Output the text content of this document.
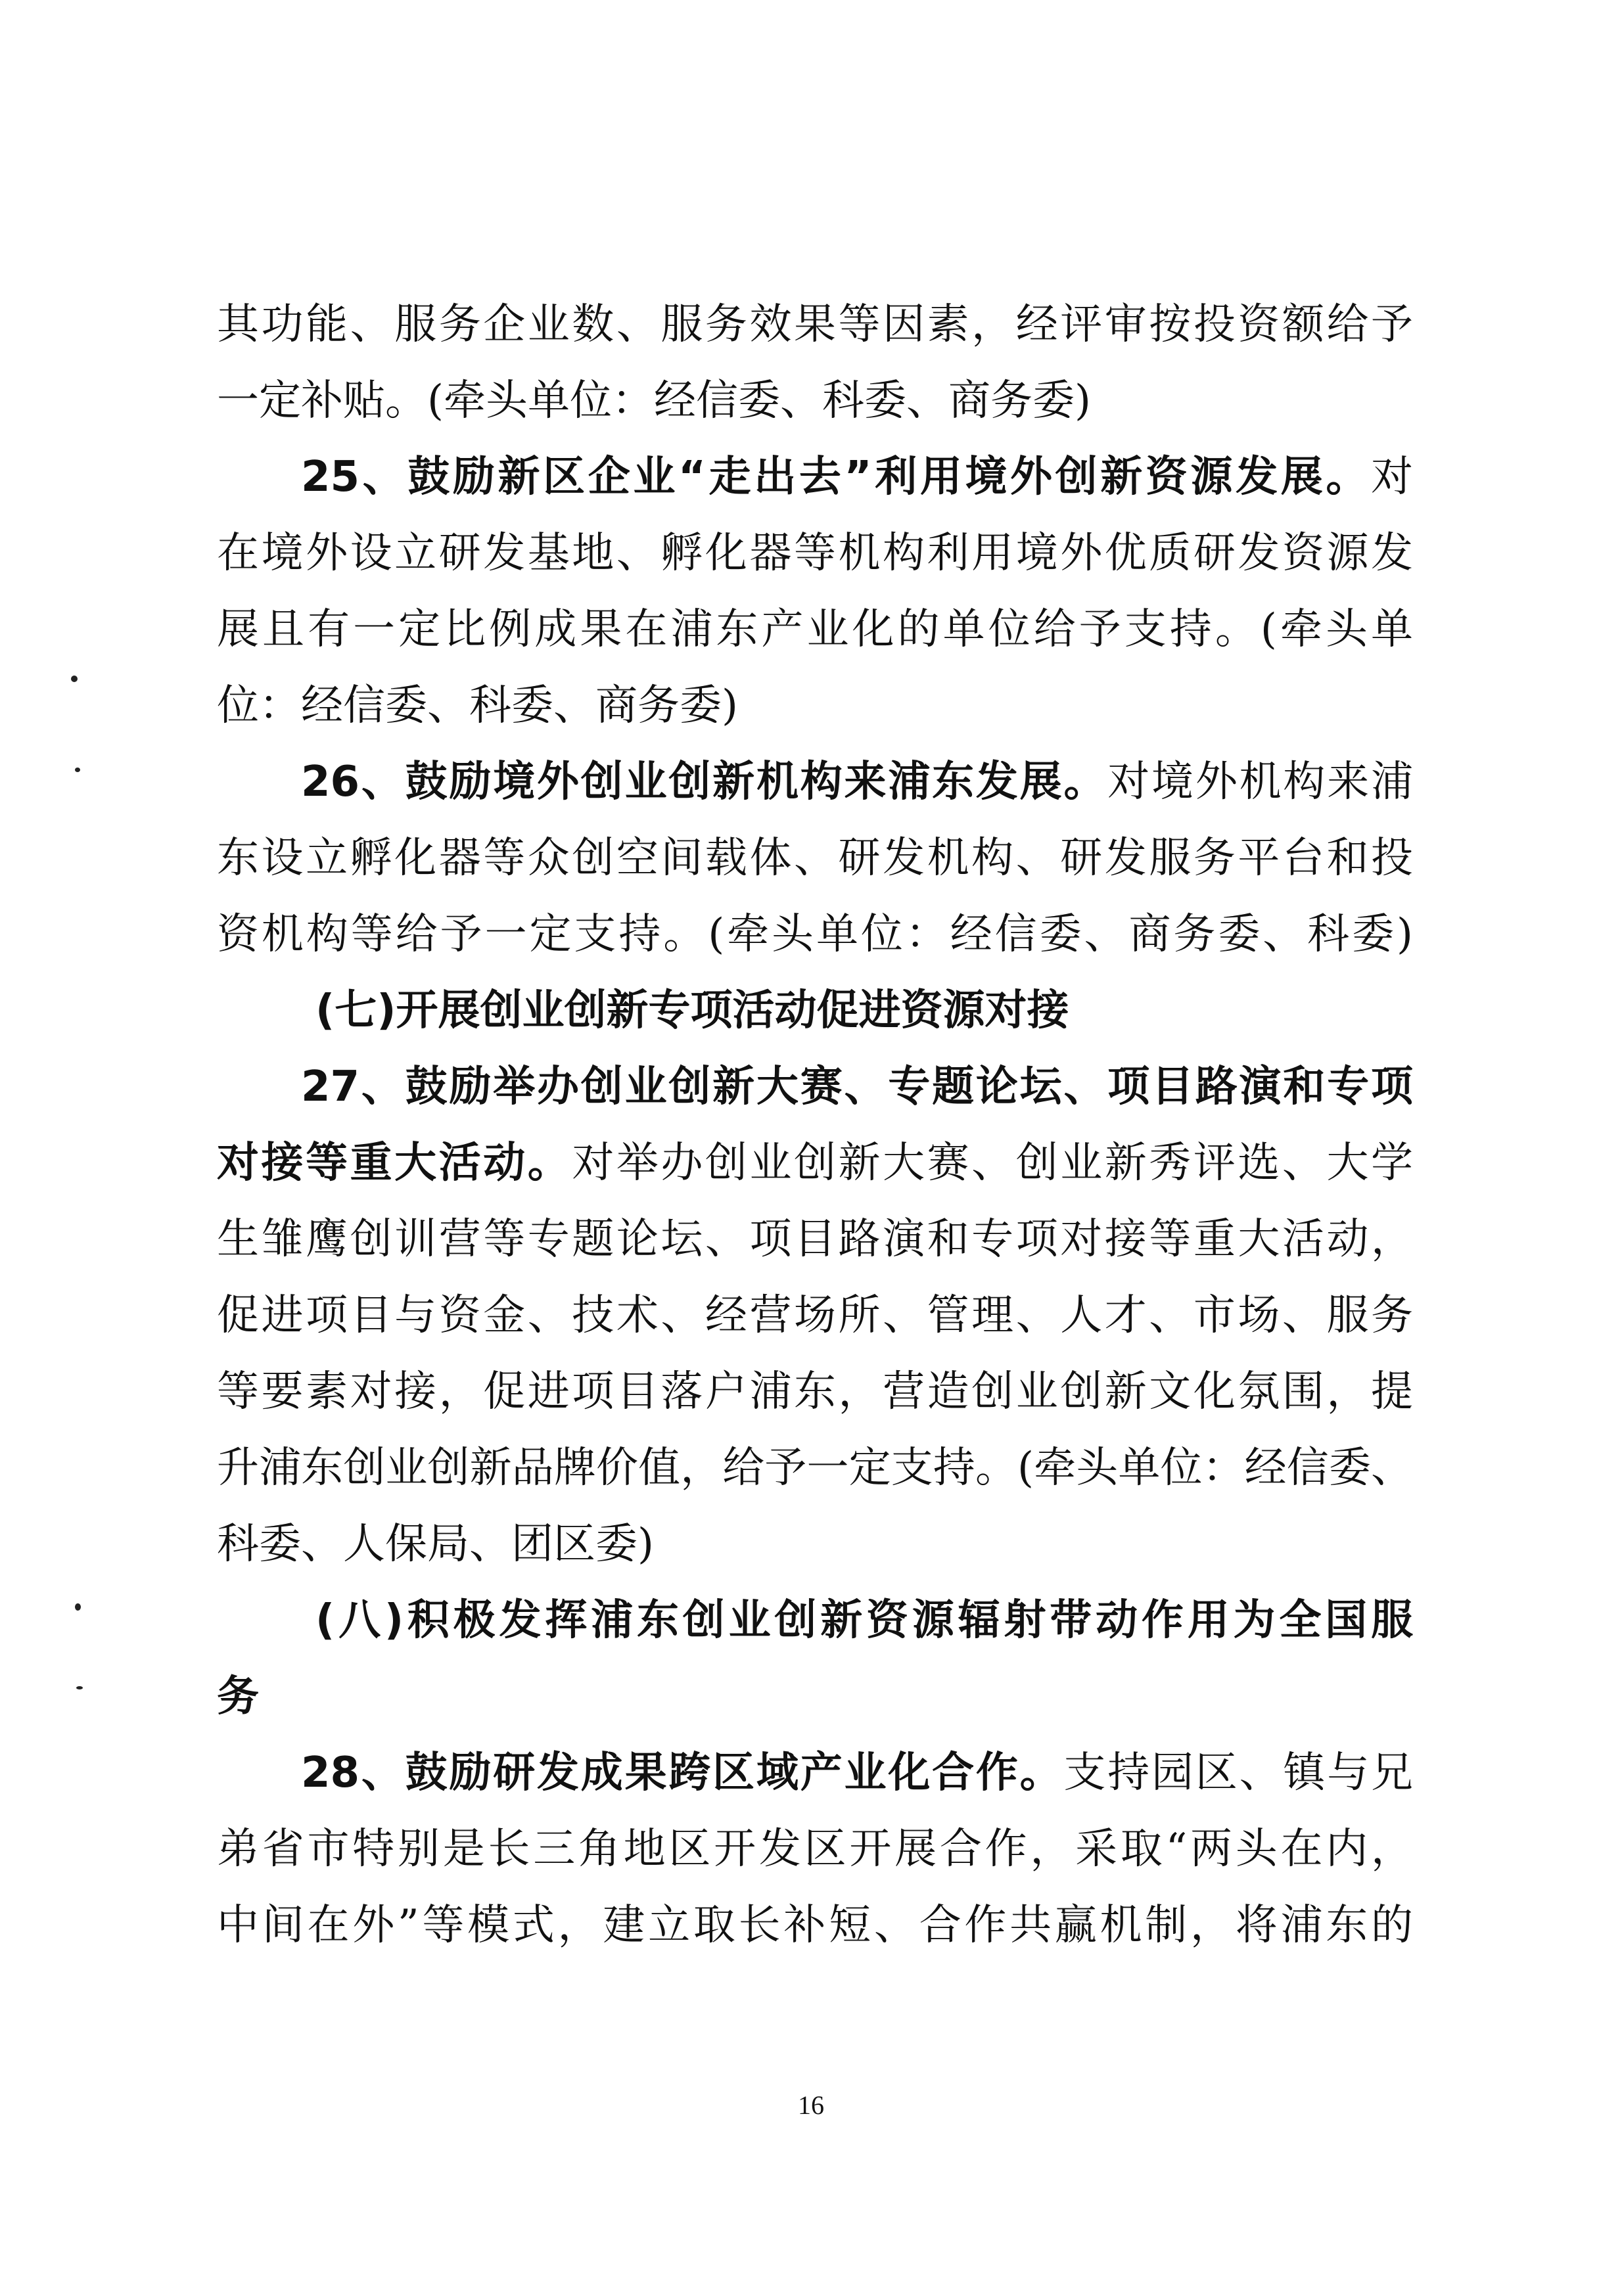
其功能、服务企业数、服务效果等因素，经评审按投资额给予
一定补贴。(牵头单位：经信委、科委、商务委)
25、鼓励新区企业“走出去”利用境外创新资源发展。对
在境外设立研发基地、孵化器等机构利用境外优质研发资源发
展且有一定比例成果在浦东产业化的单位给予支持。(牵头单
位：经信委、科委、商务委)
26、鼓励境外创业创新机构来浦东发展。对境外机构来浦
东设立孵化器等众创空间载体、研发机构、研发服务平台和投
资机构等给予一定支持。(牵头单位：经信委、商务委、科委)
(七)开展创业创新专项活动促进资源对接
27、鼓励举办创业创新大赛、专题论坛、项目路演和专项
对接等重大活动。对举办创业创新大赛、创业新秀评选、大学
生雏鹰创训营等专题论坛、项目路演和专项对接等重大活动，
促进项目与资金、技术、经营场所、管理、人才、市场、服务
等要素对接，促进项目落户浦东，营造创业创新文化氛围，提
升浦东创业创新品牌价值，给予一定支持。(牵头单位：经信委、
科委、人保局、团区委)
(八)积极发挥浦东创业创新资源辐射带动作用为全国服
务
28、鼓励研发成果跨区域产业化合作。支持园区、镇与兄
弟省市特别是长三角地区开发区开展合作，采取“两头在内，
中间在外”等模式，建立取长补短、合作共赢机制，将浦东的
16
